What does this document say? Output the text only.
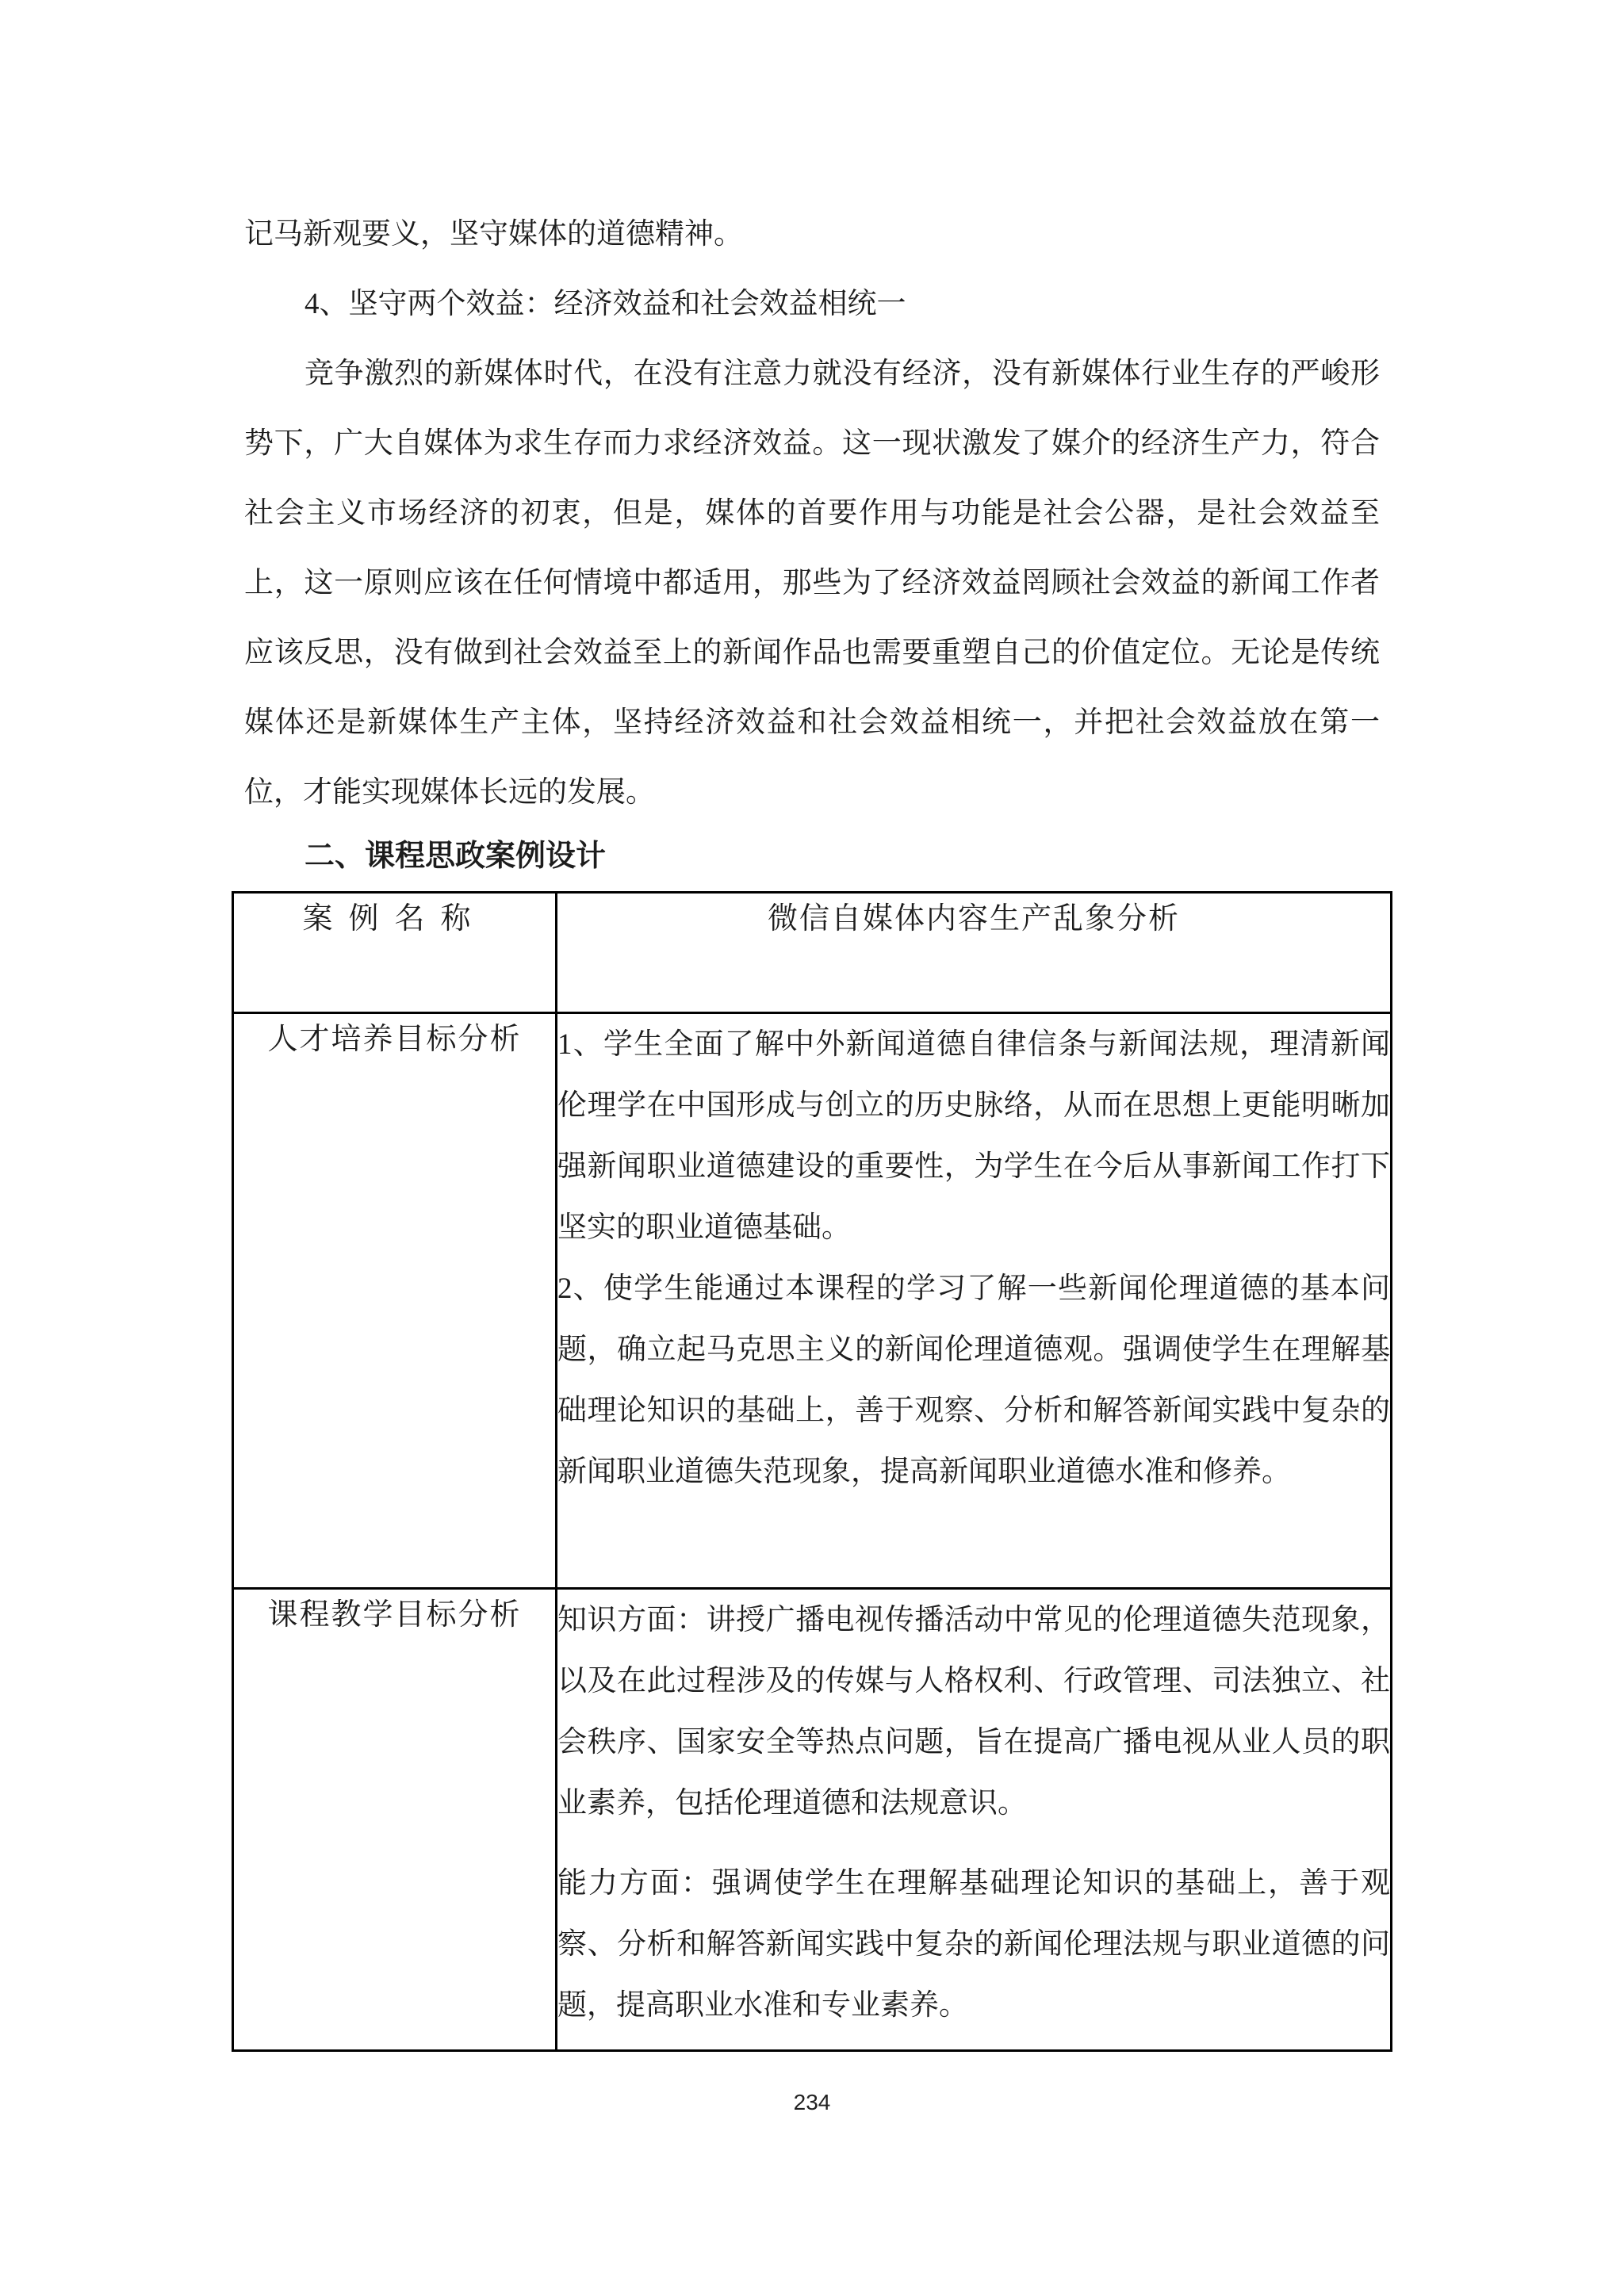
记马新观要义，坚守媒体的道德精神。

4、坚守两个效益：经济效益和社会效益相统一

竞争激烈的新媒体时代，在没有注意力就没有经济，没有新媒体行业生存的严峻形势下，广大自媒体为求生存而力求经济效益。这一现状激发了媒介的经济生产力，符合社会主义市场经济的初衷，但是，媒体的首要作用与功能是社会公器，是社会效益至上，这一原则应该在任何情境中都适用，那些为了经济效益罔顾社会效益的新闻工作者应该反思，没有做到社会效益至上的新闻作品也需要重塑自己的价值定位。无论是传统媒体还是新媒体生产主体，坚持经济效益和社会效益相统一，并把社会效益放在第一位，才能实现媒体长远的发展。

二、课程思政案例设计

案例名称	微信自媒体内容生产乱象分析
人才培养目标分析	1、学生全面了解中外新闻道德自律信条与新闻法规，理清新闻伦理学在中国形成与创立的历史脉络，从而在思想上更能明晰加强新闻职业道德建设的重要性，为学生在今后从事新闻工作打下坚实的职业道德基础。

2、使学生能通过本课程的学习了解一些新闻伦理道德的基本问题，确立起马克思主义的新闻伦理道德观。强调使学生在理解基础理论知识的基础上，善于观察、分析和解答新闻实践中复杂的新闻职业道德失范现象，提高新闻职业道德水准和修养。

课程教学目标分析	知识方面：讲授广播电视传播活动中常见的伦理道德失范现象，以及在此过程涉及的传媒与人格权利、行政管理、司法独立、社会秩序、国家安全等热点问题，旨在提高广播电视从业人员的职业素养，包括伦理道德和法规意识。

能力方面：强调使学生在理解基础理论知识的基础上，善于观察、分析和解答新闻实践中复杂的新闻伦理法规与职业道德的问题，提高职业水准和专业素养。

234
